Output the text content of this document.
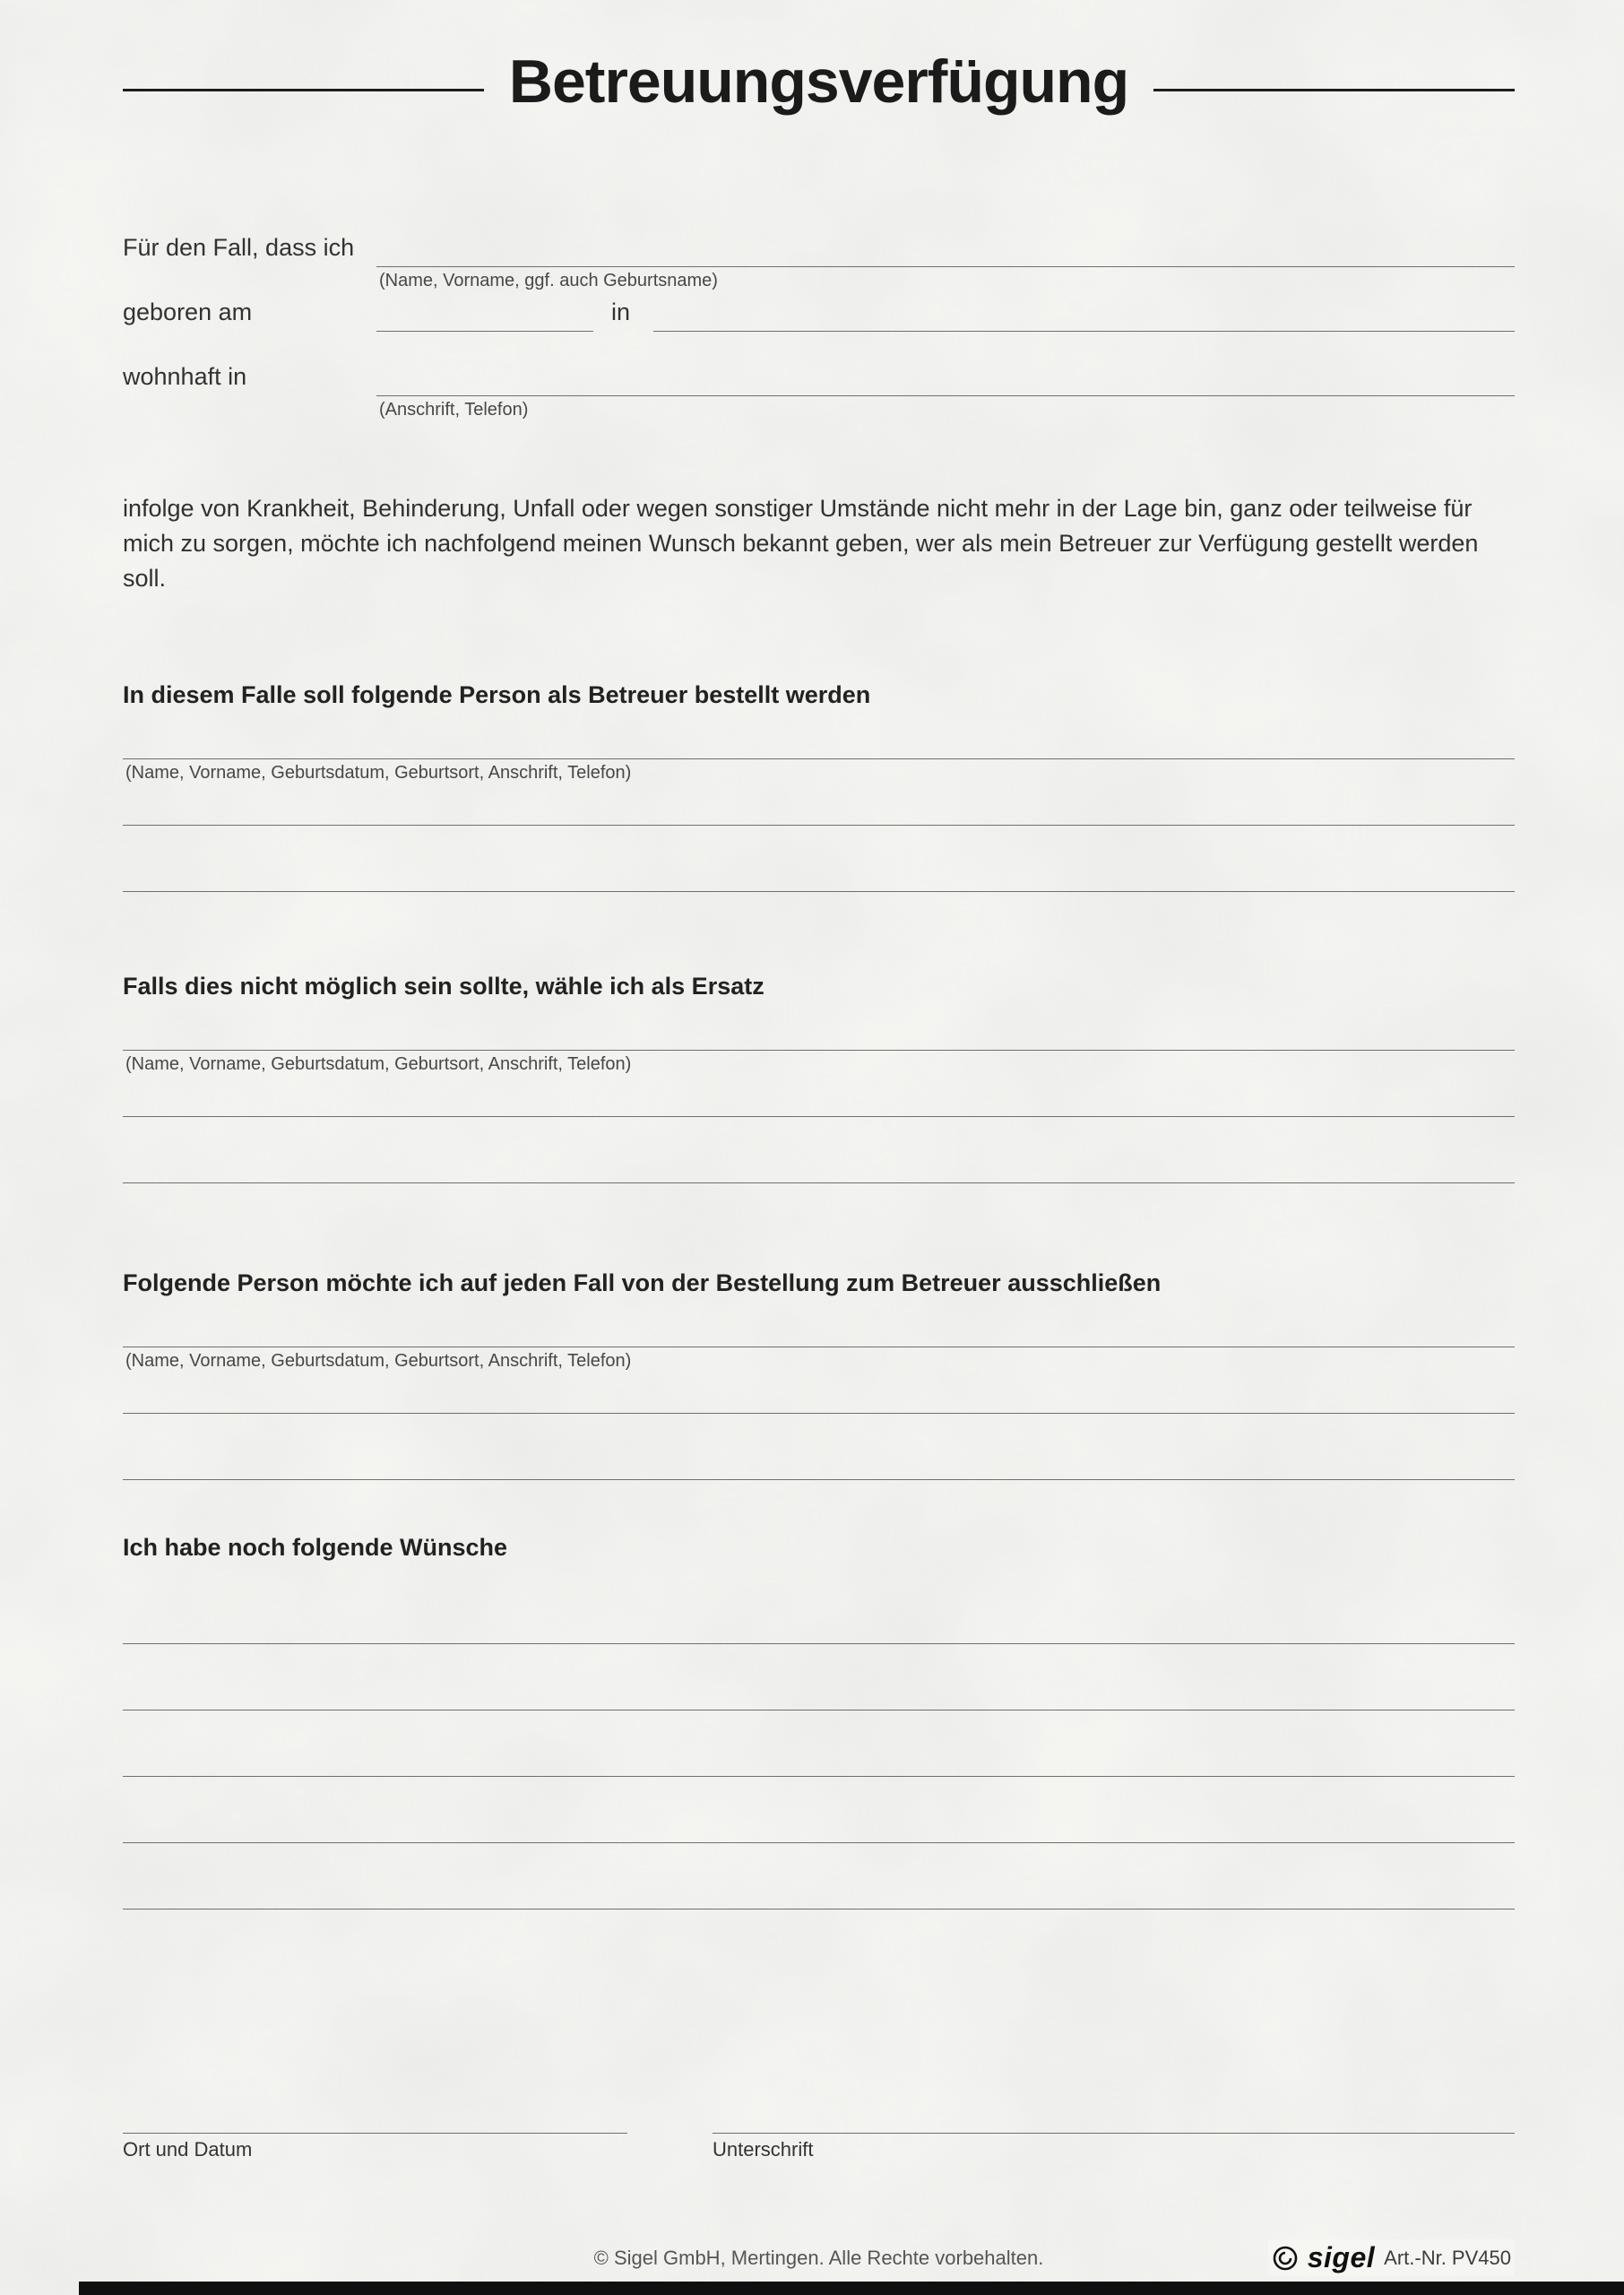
Betreuungsverfügung
Für den Fall, dass ich
(Name, Vorname, ggf. auch Geburtsname)
geboren am	in
wohnhaft in
(Anschrift, Telefon)

infolge von Krankheit, Behinderung, Unfall oder wegen sonstiger Umstände nicht mehr in der Lage bin, ganz oder teilweise für mich zu sorgen, möchte ich nachfolgend meinen Wunsch bekannt geben, wer als mein Betreuer zur Verfügung gestellt werden soll.

In diesem Falle soll folgende Person als Betreuer bestellt werden
(Name, Vorname, Geburtsdatum, Geburtsort, Anschrift, Telefon)
Falls dies nicht möglich sein sollte, wähle ich als Ersatz
(Name, Vorname, Geburtsdatum, Geburtsort, Anschrift, Telefon)
Folgende Person möchte ich auf jeden Fall von der Bestellung zum Betreuer ausschließen
(Name, Vorname, Geburtsdatum, Geburtsort, Anschrift, Telefon)
Ich habe noch folgende Wünsche
Ort und Datum	Unterschrift
© Sigel GmbH, Mertingen. Alle Rechte vorbehalten.	sigel Art.-Nr. PV450
